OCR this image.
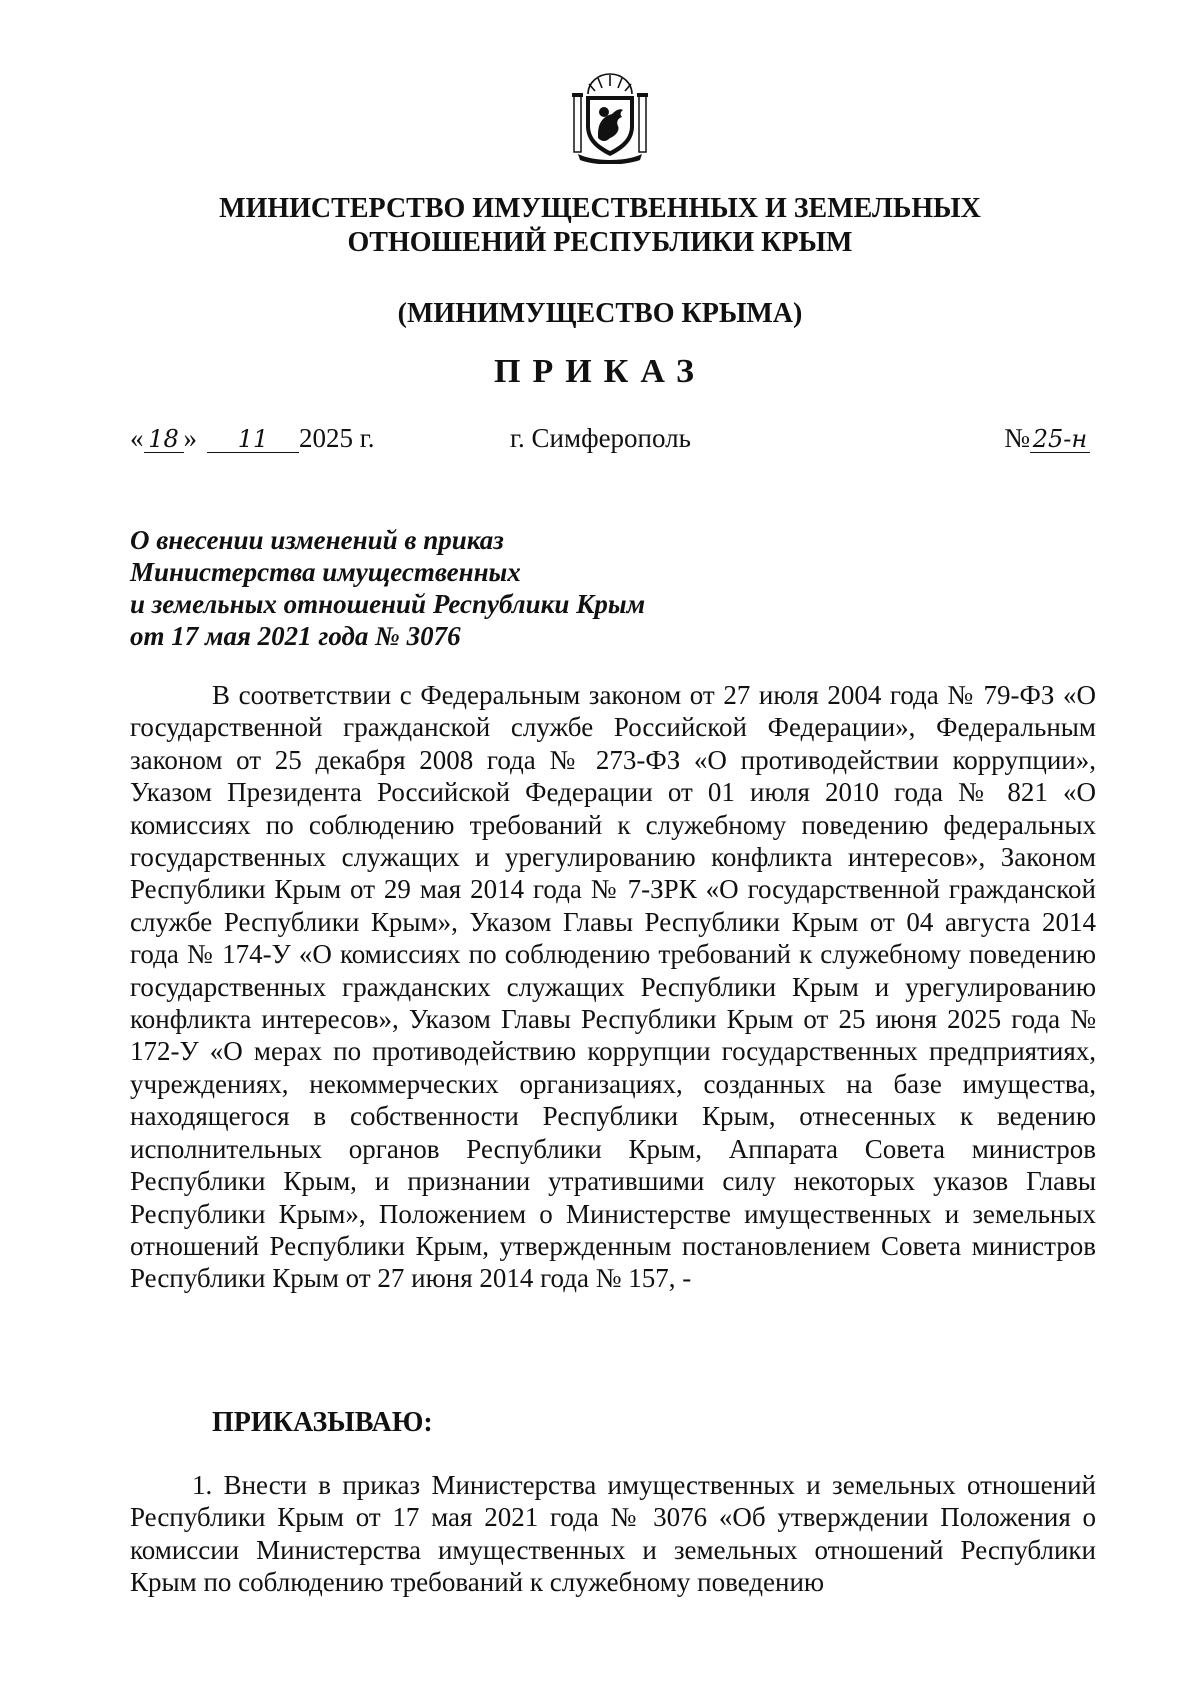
МИНИСТЕРСТВО ИМУЩЕСТВЕННЫХ И ЗЕМЕЛЬНЫХ
ОТНОШЕНИЙ РЕСПУБЛИКИ КРЫМ
(МИНИМУЩЕСТВО КРЫМА)
ПРИКАЗ
« 18 » 11 2025 г.	г. Симферополь	№ 25-н
О внесении изменений в приказ
Министерства имущественных
и земельных отношений Республики Крым
от 17 мая 2021 года № 3076

В соответствии с Федеральным законом от 27 июля 2004 года № 79-ФЗ «О государственной гражданской службе Российской Федерации», Федеральным законом от 25 декабря 2008 года № 273-ФЗ «О противодействии коррупции», Указом Президента Российской Федерации от 01 июля 2010 года № 821 «О комиссиях по соблюдению требований к служебному поведению федеральных государственных служащих и урегулированию конфликта интересов», Законом Республики Крым от 29 мая 2014 года № 7-ЗРК «О государственной гражданской службе Республики Крым», Указом Главы Республики Крым от 04 августа 2014 года № 174-У «О комиссиях по соблюдению требований к служебному поведению государственных гражданских служащих Республики Крым и урегулированию конфликта интересов», Указом Главы Республики Крым от 25 июня 2025 года № 172-У «О мерах по противодействию коррупции государственных предприятиях, учреждениях, некоммерческих организациях, созданных на базе имущества, находящегося в собственности Республики Крым, отнесенных к ведению исполнительных органов Республики Крым, Аппарата Совета министров Республики Крым, и признании утратившими силу некоторых указов Главы Республики Крым», Положением о Министерстве имущественных и земельных отношений Республики Крым, утвержденным постановлением Совета министров Республики Крым от 27 июня 2014 года № 157, -

ПРИКАЗЫВАЮ:

1. Внести в приказ Министерства имущественных и земельных отношений Республики Крым от 17 мая 2021 года № 3076 «Об утверждении Положения о комиссии Министерства имущественных и земельных отношений Республики Крым по соблюдению требований к служебному поведению
